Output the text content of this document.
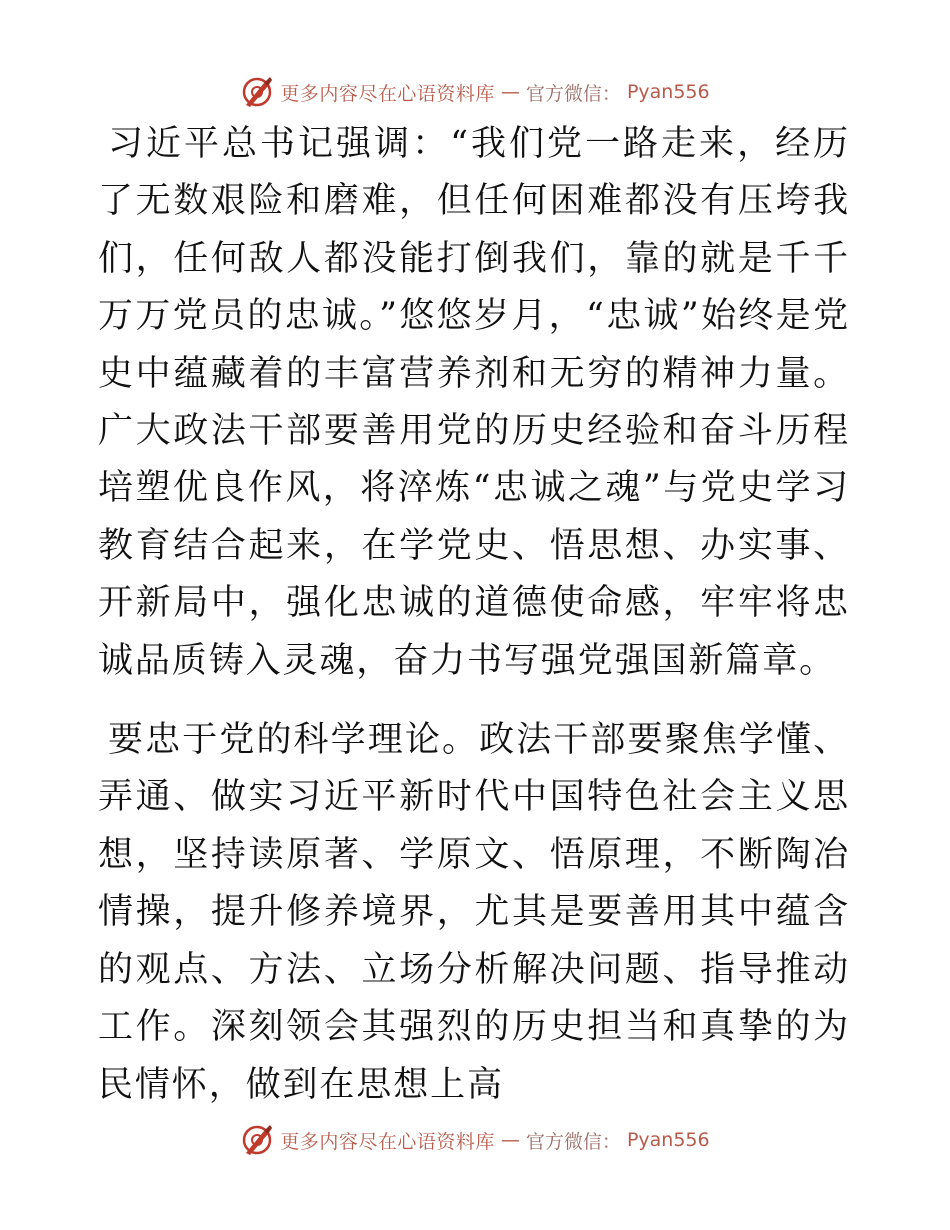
更多内容尽在心语资料库 — 官方微信： Pyan556

习近平总书记强调：“我们党一路走来，经历了无数艰险和磨难，但任何困难都没有压垮我们，任何敌人都没能打倒我们，靠的就是千千万万党员的忠诚。”悠悠岁月，“忠诚”始终是党史中蕴藏着的丰富营养剂和无穷的精神力量。广大政法干部要善用党的历史经验和奋斗历程培塑优良作风，将淬炼“忠诚之魂”与党史学习教育结合起来，在学党史、悟思想、办实事、开新局中，强化忠诚的道德使命感，牢牢将忠诚品质铸入灵魂，奋力书写强党强国新篇章。

要忠于党的科学理论。政法干部要聚焦学懂、弄通、做实习近平新时代中国特色社会主义思想，坚持读原著、学原文、悟原理，不断陶冶情操，提升修养境界，尤其是要善用其中蕴含的观点、方法、立场分析解决问题、指导推动工作。深刻领会其强烈的历史担当和真挚的为民情怀，做到在思想上高

更多内容尽在心语资料库 — 官方微信： Pyan556
